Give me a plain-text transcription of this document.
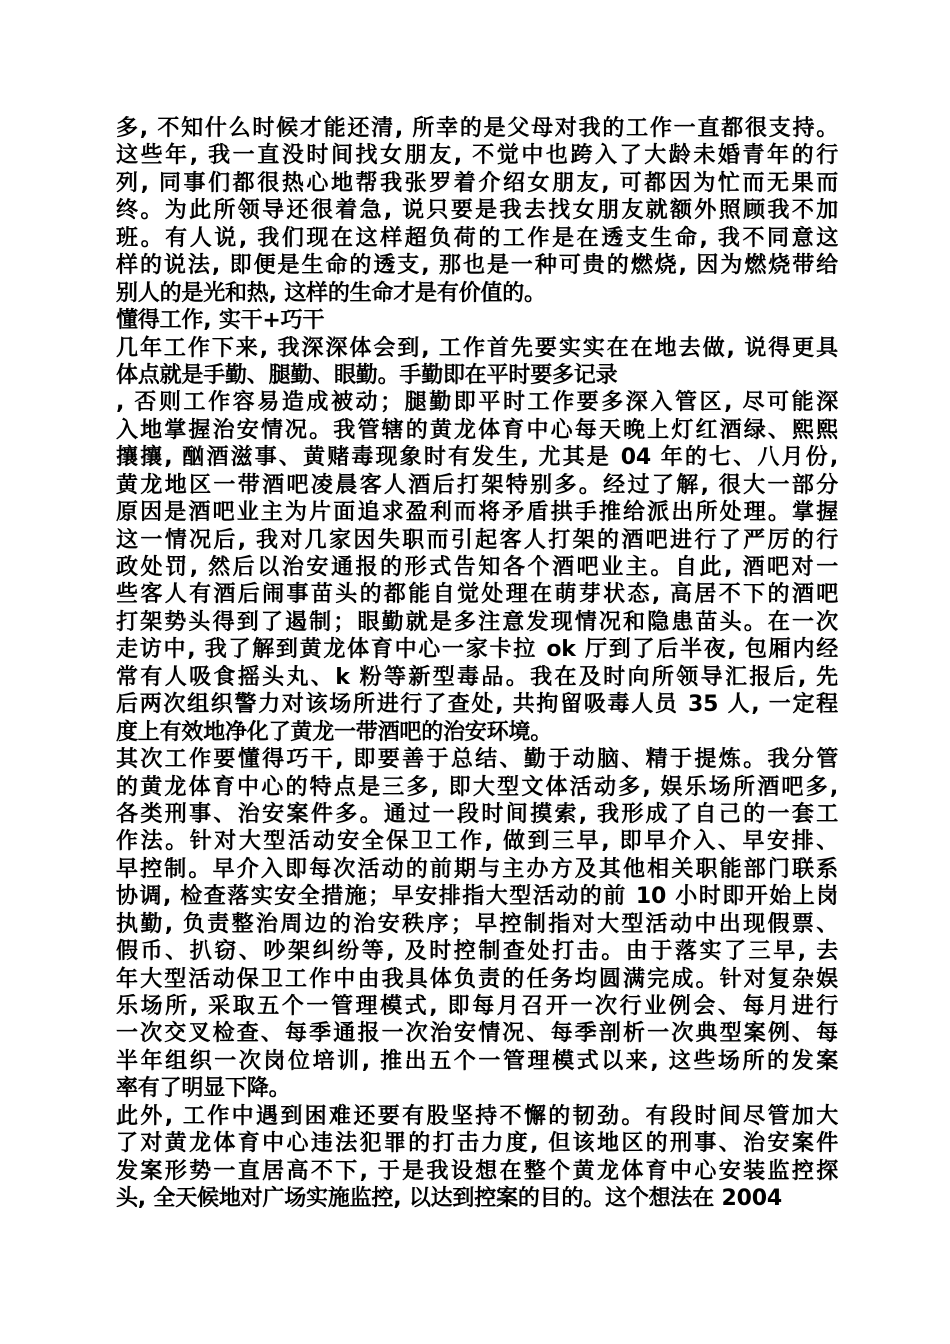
多, 不知什么时候才能还清, 所幸的是父母对我的工作一直都很支持。
这些年, 我一直没时间找女朋友, 不觉中也跨入了大龄未婚青年的行
列, 同事们都很热心地帮我张罗着介绍女朋友, 可都因为忙而无果而
终。为此所领导还很着急, 说只要是我去找女朋友就额外照顾我不加
班。有人说, 我们现在这样超负荷的工作是在透支生命, 我不同意这
样的说法, 即便是生命的透支, 那也是一种可贵的燃烧, 因为燃烧带给
别人的是光和热, 这样的生命才是有价值的。
懂得工作, 实干+巧干
几年工作下来, 我深深体会到, 工作首先要实实在在地去做, 说得更具
体点就是手勤、腿勤、眼勤。手勤即在平时要多记录
, 否则工作容易造成被动；腿勤即平时工作要多深入管区, 尽可能深
入地掌握治安情况。我管辖的黄龙体育中心每天晚上灯红酒绿、熙熙
攘攘, 酗酒滋事、黄赌毒现象时有发生, 尤其是 04 年的七、八月份,
黄龙地区一带酒吧凌晨客人酒后打架特别多。经过了解, 很大一部分
原因是酒吧业主为片面追求盈利而将矛盾拱手推给派出所处理。掌握
这一情况后, 我对几家因失职而引起客人打架的酒吧进行了严厉的行
政处罚, 然后以治安通报的形式告知各个酒吧业主。自此, 酒吧对一
些客人有酒后闹事苗头的都能自觉处理在萌芽状态, 高居不下的酒吧
打架势头得到了遏制；眼勤就是多注意发现情况和隐患苗头。在一次
走访中, 我了解到黄龙体育中心一家卡拉 ok 厅到了后半夜, 包厢内经
常有人吸食摇头丸、k 粉等新型毒品。我在及时向所领导汇报后, 先
后两次组织警力对该场所进行了查处, 共拘留吸毒人员 35 人, 一定程
度上有效地净化了黄龙一带酒吧的治安环境。
其次工作要懂得巧干, 即要善于总结、勤于动脑、精于提炼。我分管
的黄龙体育中心的特点是三多, 即大型文体活动多, 娱乐场所酒吧多,
各类刑事、治安案件多。通过一段时间摸索, 我形成了自己的一套工
作法。针对大型活动安全保卫工作, 做到三早, 即早介入、早安排、
早控制。早介入即每次活动的前期与主办方及其他相关职能部门联系
协调, 检查落实安全措施；早安排指大型活动的前 10 小时即开始上岗
执勤, 负责整治周边的治安秩序；早控制指对大型活动中出现假票、
假币、扒窃、吵架纠纷等, 及时控制查处打击。由于落实了三早, 去
年大型活动保卫工作中由我具体负责的任务均圆满完成。针对复杂娱
乐场所, 采取五个一管理模式, 即每月召开一次行业例会、每月进行
一次交叉检查、每季通报一次治安情况、每季剖析一次典型案例、每
半年组织一次岗位培训, 推出五个一管理模式以来, 这些场所的发案
率有了明显下降。
此外, 工作中遇到困难还要有股坚持不懈的韧劲。有段时间尽管加大
了对黄龙体育中心违法犯罪的打击力度, 但该地区的刑事、治安案件
发案形势一直居高不下, 于是我设想在整个黄龙体育中心安装监控探
头, 全天候地对广场实施监控, 以达到控案的目的。这个想法在 2004
